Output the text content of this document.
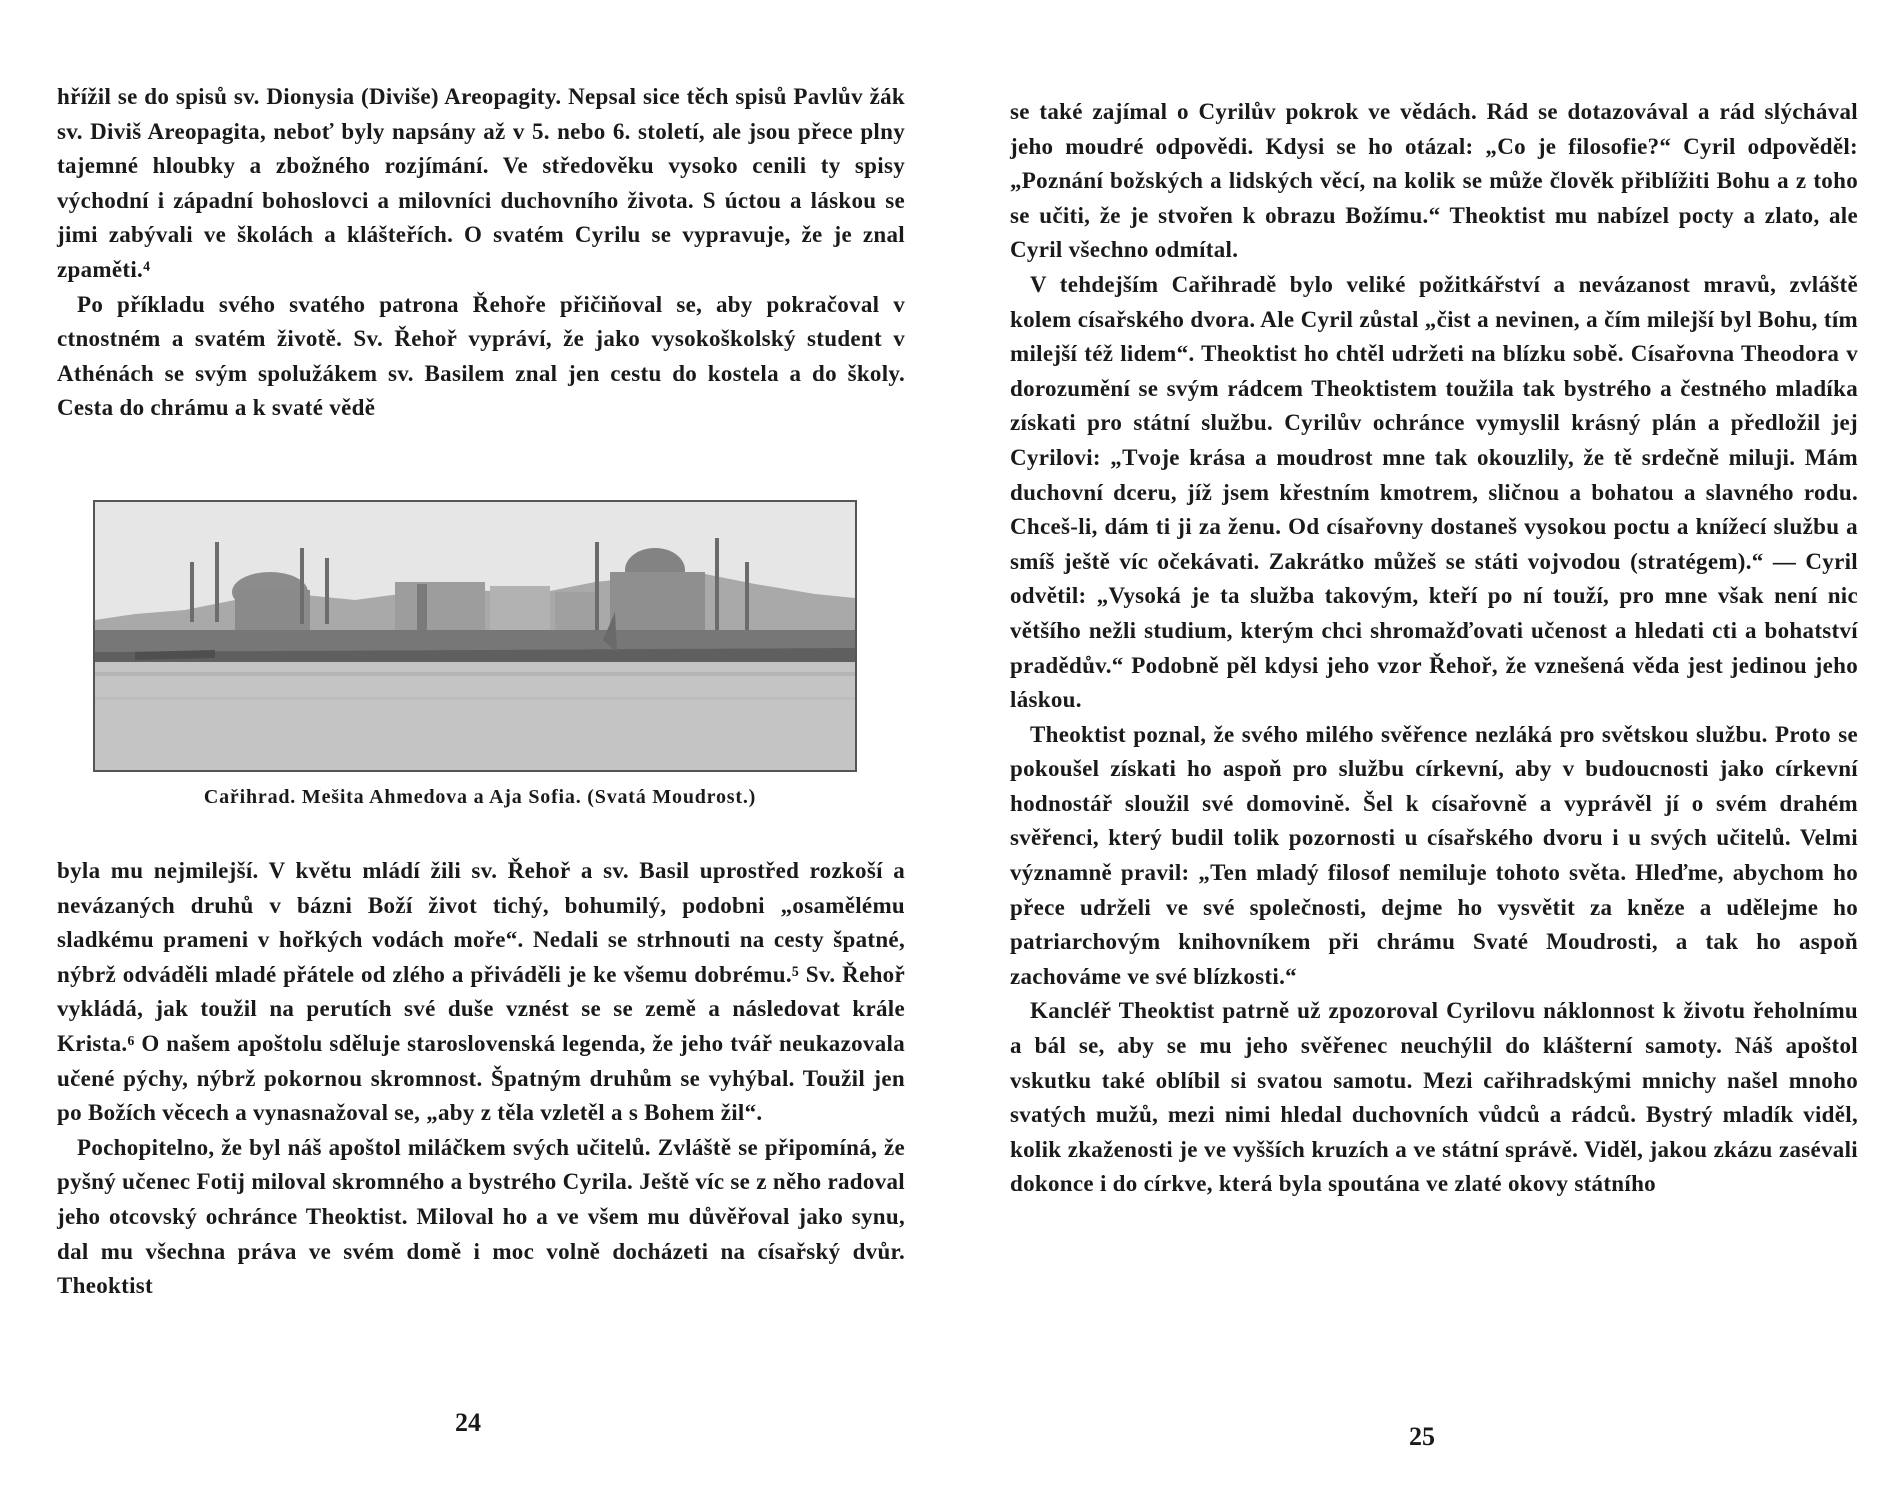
hřížil se do spisů sv. Dionysia (Diviše) Areopagity. Nepsal sice těch spisů Pavlův žák sv. Diviš Areopagita, neboť byly napsány až v 5. nebo 6. století, ale jsou přece plny tajemné hloubky a zbožného rozjímání. Ve středověku vysoko cenili ty spisy východní i západní bohoslovci a milovníci duchovního života. S úctou a láskou se jimi zabývali ve školách a klášteřích. O svatém Cyrilu se vypravuje, že je znal zpaměti.⁴

Po příkladu svého svatého patrona Řehoře přičiňoval se, aby pokračoval v ctnostném a svatém životě. Sv. Řehoř vypráví, že jako vysokoškolský student v Athénách se svým spolužákem sv. Basilem znal jen cestu do kostela a do školy. Cesta do chrámu a k svaté vědě

Cařihrad. Mešita Ahmedova a Aja Sofia. (Svatá Moudrost.)

byla mu nejmilejší. V květu mládí žili sv. Řehoř a sv. Basil uprostřed rozkoší a nevázaných druhů v bázni Boží život tichý, bohumilý, podobni „osamělému sladkému prameni v hořkých vodách moře“. Nedali se strhnouti na cesty špatné, nýbrž odváděli mladé přátele od zlého a přiváděli je ke všemu dobrému.⁵ Sv. Řehoř vykládá, jak toužil na perutích své duše vznést se se země a následovat krále Krista.⁶ O našem apoštolu sděluje staroslovenská legenda, že jeho tvář neukazovala učené pýchy, nýbrž pokornou skromnost. Špatným druhům se vyhýbal. Toužil jen po Božích věcech a vynasnažoval se, „aby z těla vzletěl a s Bohem žil“.

Pochopitelno, že byl náš apoštol miláčkem svých učitelů. Zvláště se připomíná, že pyšný učenec Fotij miloval skromného a bystrého Cyrila. Ještě víc se z něho radoval jeho otcovský ochránce Theoktist. Miloval ho a ve všem mu důvěřoval jako synu, dal mu všechna práva ve svém domě i moc volně docházeti na císařský dvůr. Theoktist

24

se také zajímal o Cyrilův pokrok ve vědách. Rád se dotazovával a rád slýchával jeho moudré odpovědi. Kdysi se ho otázal: „Co je filosofie?“ Cyril odpověděl: „Poznání božských a lidských věcí, na kolik se může člověk přiblížiti Bohu a z toho se učiti, že je stvořen k obrazu Božímu.“ Theoktist mu nabízel pocty a zlato, ale Cyril všechno odmítal.

V tehdejším Cařihradě bylo veliké požitkářství a nevázanost mravů, zvláště kolem císařského dvora. Ale Cyril zůstal „čist a nevinen, a čím milejší byl Bohu, tím milejší též lidem“. Theoktist ho chtěl udržeti na blízku sobě. Císařovna Theodora v dorozumění se svým rádcem Theoktistem toužila tak bystrého a čestného mladíka získati pro státní službu. Cyrilův ochránce vymyslil krásný plán a předložil jej Cyrilovi: „Tvoje krása a moudrost mne tak okouzlily, že tě srdečně miluji. Mám duchovní dceru, jíž jsem křestním kmotrem, sličnou a bohatou a slavného rodu. Chceš-li, dám ti ji za ženu. Od císařovny dostaneš vysokou poctu a knížecí službu a smíš ještě víc očekávati. Zakrátko můžeš se státi vojvodou (stratégem).“ — Cyril odvětil: „Vysoká je ta služba takovým, kteří po ní touží, pro mne však není nic většího nežli studium, kterým chci shromažďovati učenost a hledati cti a bohatství pradědův.“ Podobně pěl kdysi jeho vzor Řehoř, že vznešená věda jest jedinou jeho láskou.

Theoktist poznal, že svého milého svěřence nezláká pro světskou službu. Proto se pokoušel získati ho aspoň pro službu církevní, aby v budoucnosti jako církevní hodnostář sloužil své domovině. Šel k císařovně a vyprávěl jí o svém drahém svěřenci, který budil tolik pozornosti u císařského dvoru i u svých učitelů. Velmi významně pravil: „Ten mladý filosof nemiluje tohoto světa. Hleďme, abychom ho přece udrželi ve své společnosti, dejme ho vysvětit za kněze a udělejme ho patriarchovým knihovníkem při chrámu Svaté Moudrosti, a tak ho aspoň zachováme ve své blízkosti.“

Kancléř Theoktist patrně už zpozoroval Cyrilovu náklonnost k životu řeholnímu a bál se, aby se mu jeho svěřenec neuchýlil do klášterní samoty. Náš apoštol vskutku také oblíbil si svatou samotu. Mezi cařihradskými mnichy našel mnoho svatých mužů, mezi nimi hledal duchovních vůdců a rádců. Bystrý mladík viděl, kolik zkaženosti je ve vyšších kruzích a ve státní správě. Viděl, jakou zkázu zasévali dokonce i do církve, která byla spoutána ve zlaté okovy státního

25
